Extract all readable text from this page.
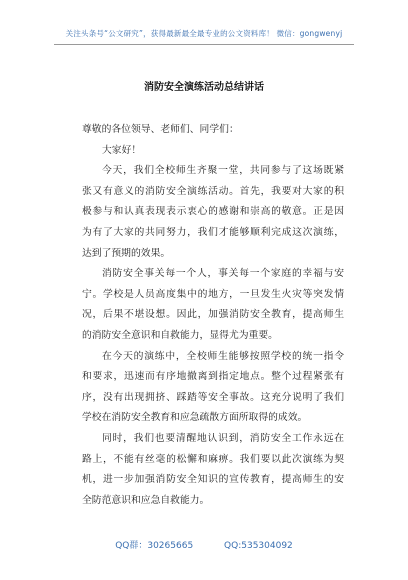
关注头条号“公文研究”，获得最新最全最专业的公文资料库！ 微信：gongwenyj
消防安全演练活动总结讲话
尊敬的各位领导、老师们、同学们：
大家好！
今天，我们全校师生齐聚一堂，共同参与了这场既紧
张又有意义的消防安全演练活动。首先，我要对大家的积
极参与和认真表现表示衷心的感谢和崇高的敬意。正是因
为有了大家的共同努力，我们才能够顺利完成这次演练，
达到了预期的效果。
消防安全事关每一个人，事关每一个家庭的幸福与安
宁。学校是人员高度集中的地方，一旦发生火灾等突发情
况，后果不堪设想。因此，加强消防安全教育，提高师生
的消防安全意识和自救能力，显得尤为重要。
在今天的演练中，全校师生能够按照学校的统一指令
和要求，迅速而有序地撤离到指定地点。整个过程紧张有
序，没有出现拥挤、踩踏等安全事故。这充分说明了我们
学校在消防安全教育和应急疏散方面所取得的成效。
同时，我们也要清醒地认识到，消防安全工作永远在
路上，不能有丝毫的松懈和麻痹。我们要以此次演练为契
机，进一步加强消防安全知识的宣传教育，提高师生的安
全防范意识和应急自救能力。
QQ群：30265665	QQ:535304092
